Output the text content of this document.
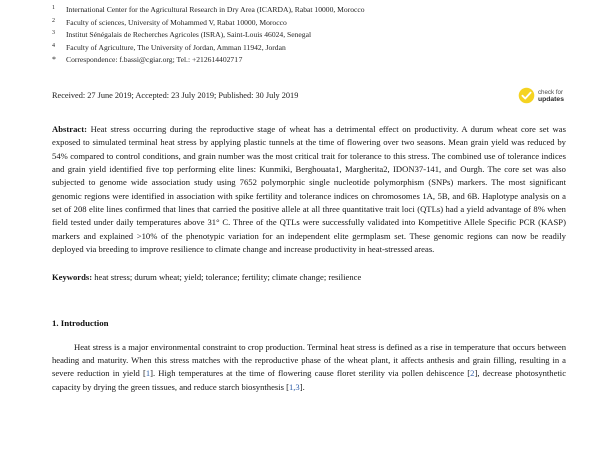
1	International Center for the Agricultural Research in Dry Area (ICARDA), Rabat 10000, Morocco
2	Faculty of sciences, University of Mohammed V, Rabat 10000, Morocco
3	Institut Sénégalais de Recherches Agricoles (ISRA), Saint-Louis 46024, Senegal
4	Faculty of Agriculture, The University of Jordan, Amman 11942, Jordan
*	Correspondence: f.bassi@cgiar.org; Tel.: +21261440271 7
Received: 27 June 2019; Accepted: 23 July 2019; Published: 30 July 2019	check for
updates

Abstract: Heat stress occurring during the reproductive stage of wheat has a detrimental effect on productivity. A durum wheat core set was exposed to simulated terminal heat stress by applying plastic tunnels at the time of flowering over two seasons. Mean grain yield was reduced by 54% compared to control conditions, and grain number was the most critical trait for tolerance to this stress. The combined use of tolerance indices and grain yield identified five top performing elite lines: Kunmiki, Berghouata1, Margherita2, IDON37-141, and Ourgh. The core set was also subjected to genome wide association study using 7652 polymorphic single nucleotide polymorphism (SNPs) markers. The most significant genomic regions were identified in association with spike fertility and tolerance indices on chromosomes 1A, 5B, and 6B. Haplotype analysis on a set of 208 elite lines confirmed that lines that carried the positive allele at all three quantitative trait loci (QTLs) had a yield advantage of 8% when field tested under daily temperatures above 31° C. Three of the QTLs were successfully validated into Kompetitive Allele Specific PCR (KASP) markers and explained >10% of the phenotypic variation for an independent elite germplasm set. These genomic regions can now be readily deployed via breeding to improve resilience to climate change and increase productivity in heat-stressed areas.

Keywords: heat stress; durum wheat; yield; tolerance; fertility; climate change; resilience

1. Introduction

Heat stress is a major environmental constraint to crop production. Terminal heat stress is defined as a rise in temperature that occurs between heading and maturity. When this stress matches with the reproductive phase of the wheat plant, it affects anthesis and grain filling, resulting in a severe reduction in yield [1]. High temperatures at the time of flowering cause floret sterility via pollen dehiscence [2], decrease photosynthetic capacity by drying the green tissues, and reduce starch biosynthesis [1,3].
